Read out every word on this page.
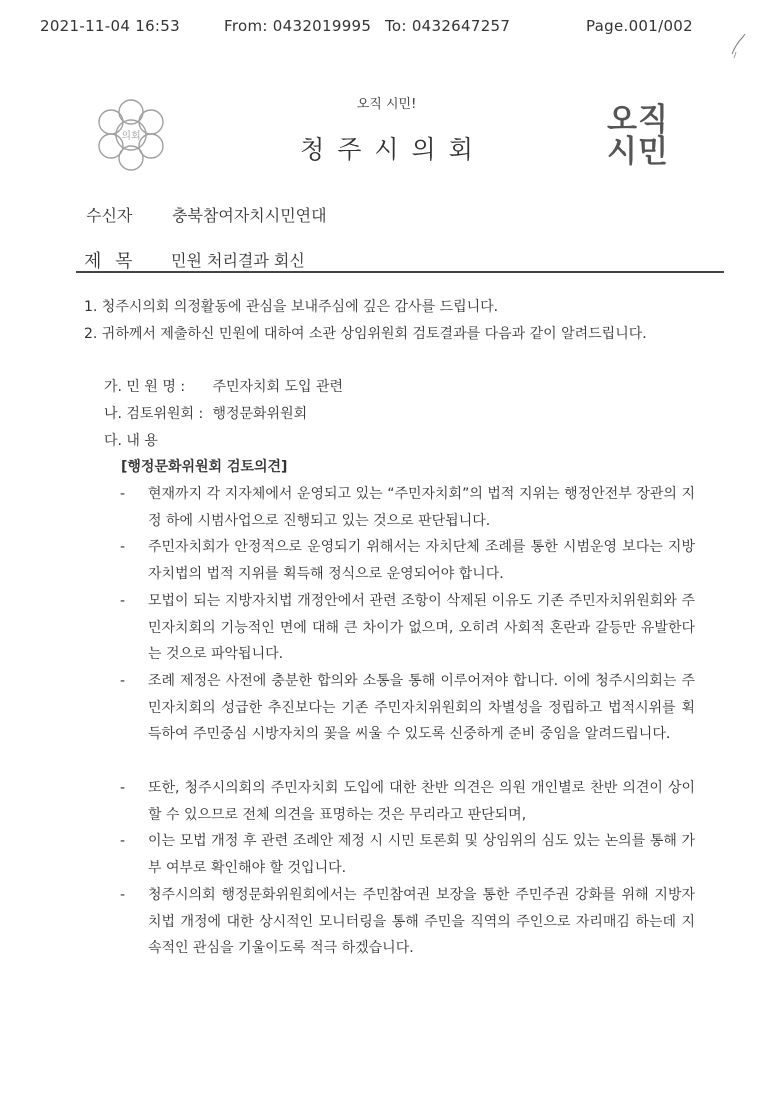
2021-11-04 16:53	From: 0432019995 To: 0432647257	Page.001/002
의회
오직 시민!
청주시의회
오직
시민
수신자 충북참여자치시민연대
제 목 민원 처리결과 회신
1. 청주시의회 의정활동에 관심을 보내주심에 깊은 감사를 드립니다.
2. 귀하께서 제출하신 민원에 대하여 소관 상임위원회 검토결과를 다음과 같이 알려드립니다.
가. 민 원 명 : 주민자치회 도입 관련
나. 검토위원회 : 행정문화위원회
다. 내 용
[행정문화위원회 검토의견]
- 현재까지 각 지자체에서 운영되고 있는 “주민자치회”의 법적 지위는 행정안전부 장관의 지정 하에 시범사업으로 진행되고 있는 것으로 판단됩니다.
- 주민자치회가 안정적으로 운영되기 위해서는 자치단체 조례를 통한 시범운영 보다는 지방자치법의 법적 지위를 획득해 정식으로 운영되어야 합니다.
- 모법이 되는 지방자치법 개정안에서 관련 조항이 삭제된 이유도 기존 주민자치위원회와 주민자치회의 기능적인 면에 대해 큰 차이가 없으며, 오히려 사회적 혼란과 갈등만 유발한다는 것으로 파악됩니다.
- 조례 제정은 사전에 충분한 합의와 소통을 통해 이루어져야 합니다. 이에 청주시의회는 주민자치회의 성급한 추진보다는 기존 주민자치위원회의 차별성을 정립하고 법적시위를 획득하여 주민중심 시방자치의 꽃을 씨울 수 있도록 신중하게 준비 중임을 알려드립니다.
- 또한, 청주시의회의 주민자치회 도입에 대한 찬반 의견은 의원 개인별로 찬반 의견이 상이할 수 있으므로 전체 의견을 표명하는 것은 무리라고 판단되며,
- 이는 모법 개정 후 관련 조례안 제정 시 시민 토론회 및 상임위의 심도 있는 논의를 통해 가부 여부로 확인해야 할 것입니다.
- 청주시의회 행정문화위원회에서는 주민참여권 보장을 통한 주민주권 강화를 위해 지방자치법 개정에 대한 상시적인 모니터링을 통해 주민을 직역의 주인으로 자리매김 하는데 지속적인 관심을 기울이도록 적극 하겠습니다.
